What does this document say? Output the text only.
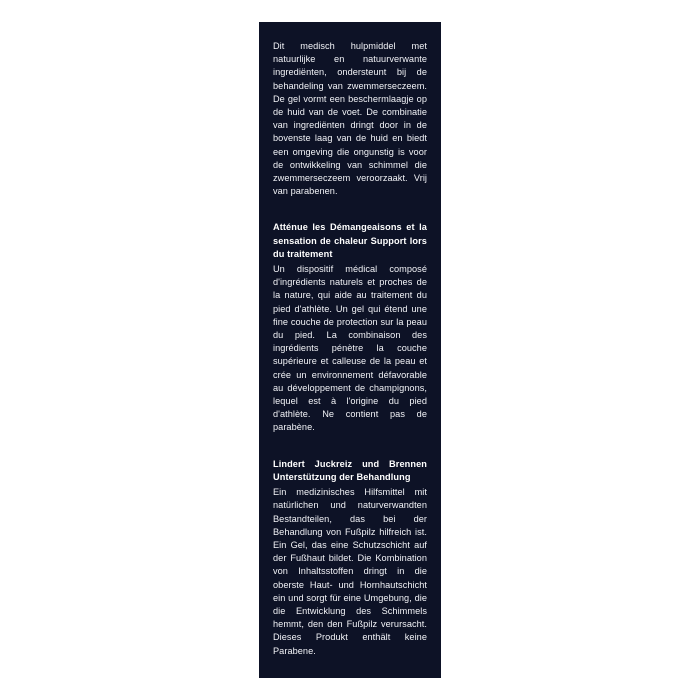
Dit medisch hulpmiddel met natuurlijke en natuurverwante ingrediënten, ondersteunt bij de behandeling van zwemmerseczeem. De gel vormt een beschermlaagje op de huid van de voet. De combinatie van ingrediënten dringt door in de bovenste laag van de huid en biedt een omgeving die ongunstig is voor de ontwikkeling van schimmel die zwemmerseczeem veroorzaakt. Vrij van parabenen.

Atténue les Démangeaisons et la sensation de chaleur Support lors du traitement

Un dispositif médical composé d'ingrédients naturels et proches de la nature, qui aide au traitement du pied d'athlète. Un gel qui étend une fine couche de protection sur la peau du pied. La combinaison des ingrédients pénètre la couche supérieure et calleuse de la peau et crée un environnement défavorable au développement de champignons, lequel est à l'origine du pied d'athlète. Ne contient pas de parabène.

Lindert Juckreiz und Brennen Unterstützung der Behandlung

Ein medizinisches Hilfsmittel mit natürlichen und naturverwandten Bestandteilen, das bei der Behandlung von Fußpilz hilfreich ist. Ein Gel, das eine Schutzschicht auf der Fußhaut bildet. Die Kombination von Inhaltsstoffen dringt in die oberste Haut- und Hornhautschicht ein und sorgt für eine Umgebung, die die Entwicklung des Schimmels hemmt, den den Fußpilz verursacht. Dieses Produkt enthält keine Parabene.
